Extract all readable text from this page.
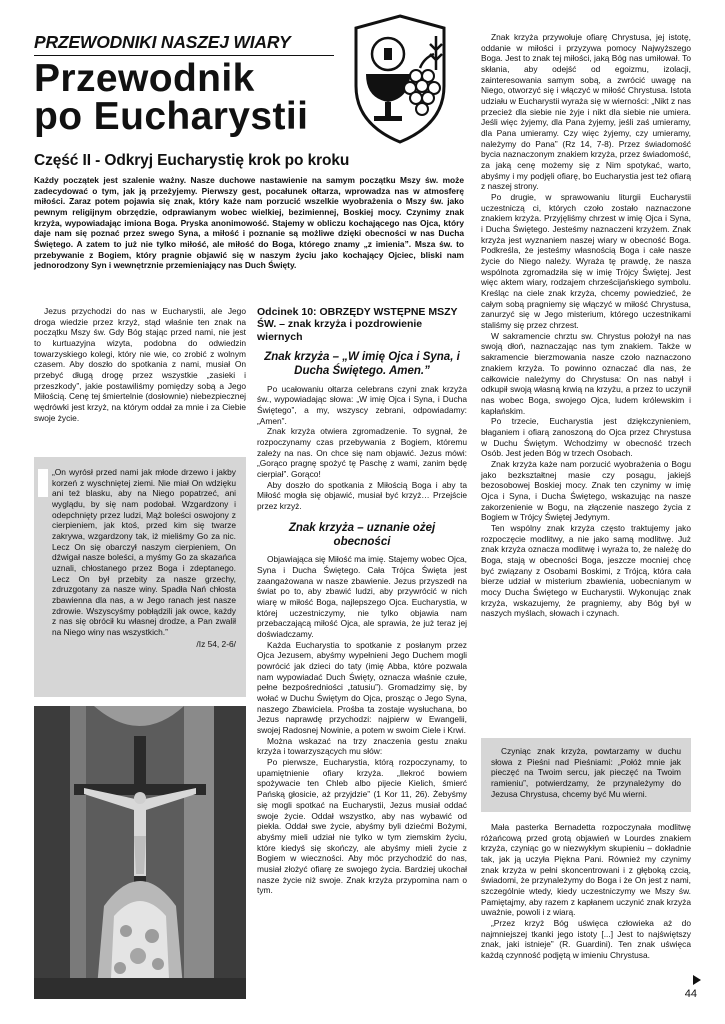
PRZEWODNIKI NASZEJ WIARY
Przewodnik
po Eucharystii
Część II - Odkryj Eucharystię krok po kroku

Każdy początek jest szalenie ważny. Nasze duchowe nastawienie na samym początku Mszy św. może zadecydować o tym, jak ją przeżyjemy. Pierwszy gest, pocałunek ołtarza, wprowadza nas w atmosferę miłości. Zaraz potem pojawia się znak, który każe nam porzucić wszelkie wyobrażenia o Mszy św. jako pewnym religijnym obrzędzie, odprawianym wobec wielkiej, bezimiennej, Boskiej mocy. Czynimy znak krzyża, wypowiadając imiona Boga. Pryska anonimowość. Stajemy w obliczu kochającego nas Ojca, który daje nam się poznać przez swego Syna, a miłość i poznanie są możliwe dzięki obecności w nas Ducha Świętego. A zatem to już nie tylko miłość, ale miłość do Boga, którego znamy „z imienia”. Msza św. to przebywanie z Bogiem, który pragnie objawić się w naszym życiu jako kochający Ojciec, bliski nam jednorodzony Syn i wewnętrznie przemieniający nas Duch Święty.

Jezus przychodzi do nas w Eucharystii, ale Jego droga wiedzie przez krzyż, stąd właśnie ten znak na początku Mszy św. Gdy Bóg stając przed nami, nie jest to kurtuazyjna wizyta, podobna do odwiedzin towarzyskiego kolegi, który nie wie, co zrobić z wolnym czasem. Aby doszło do spotkania z nami, musiał On przebyć długą drogę przez wszystkie „zasieki i przeszkody”, jakie postawiliśmy pomiędzy sobą a Jego Miłością. Cenę tej śmiertelnie (dosłownie) niebezpiecznej wędrówki jest krzyż, na którym oddał za mnie i za Ciebie swoje życie.

„On wyrósł przed nami jak młode drzewo i jakby korzeń z wyschniętej ziemi. Nie miał On wdzięku ani też blasku, aby na Niego popatrzeć, ani wyglądu, by się nam podobał. Wzgardzony i odepchnięty przez ludzi, Mąż boleści oswojony z cierpieniem, jak ktoś, przed kim się twarze zakrywa, wzgardzony tak, iż mieliśmy Go za nic. Lecz On się obarczył naszym cierpieniem, On dźwigał nasze boleści, a myśmy Go za skazańca uznali, chłostanego przez Boga i zdeptanego. Lecz On był przebity za nasze grzechy, zdruzgotany za nasze winy. Spadła Nań chłosta zbawienna dla nas, a w Jego ranach jest nasze zdrowie. Wszyscyśmy pobłądzili jak owce, każdy z nas się obrócił ku własnej drodze, a Pan zwalił na Niego winy nas wszystkich.”

/Iz 54, 2-6/
Odcinek 10: OBRZĘDY WSTĘPNE MSZY ŚW. – znak krzyża i pozdrowienie wiernych
Znak krzyża – „W imię Ojca i Syna, i Ducha Świętego. Amen.”

Po ucałowaniu ołtarza celebrans czyni znak krzyża św., wypowiadając słowa: „W imię Ojca i Syna, i Ducha Świętego”, a my, wszyscy zebrani, odpowiadamy: „Amen”.

Znak krzyża otwiera zgromadzenie. To sygnał, że rozpoczynamy czas przebywania z Bogiem, któremu zależy na nas. On chce się nam objawić. Jezus mówi: „Gorąco pragnę spożyć tę Paschę z wami, zanim będę cierpiał”. Gorąco!

Aby doszło do spotkania z Miłością Boga i aby ta Miłość mogła się objawić, musiał być krzyż… Przejście przez krzyż.

Znak krzyża – uznanie ożej obecności

Objawiająca się Miłość ma imię. Stajemy wobec Ojca, Syna i Ducha Świętego. Cała Trójca Święta jest zaangażowana w nasze zbawienie. Jezus przyszedł na świat po to, aby zbawić ludzi, aby przywrócić w nich wiarę w miłość Boga, najlepszego Ojca. Eucharystia, w której uczestniczymy, nie tylko objawia nam przebaczającą miłość Ojca, ale sprawia, że już teraz jej doświadczamy.

Każda Eucharystia to spotkanie z posłanym przez Ojca Jezusem, abyśmy wypełnieni Jego Duchem mogli powrócić jak dzieci do taty (imię Abba, które pozwala nam wypowiadać Duch Święty, oznacza właśnie czułe, pełne bezpośredniości „tatusiu”). Gromadzimy się, by wołać w Duchu Świętym do Ojca, prosząc o Jego Syna, naszego Zbawiciela. Prośba ta zostaje wysłuchana, bo Jezus naprawdę przychodzi: najpierw w Ewangelii, swojej Radosnej Nowinie, a potem w swoim Ciele i Krwi.

Można wskazać na trzy znaczenia gestu znaku krzyża i towarzyszących mu słów:

Po pierwsze, Eucharystia, którą rozpoczynamy, to upamiętnienie ofiary krzyża. „Ilekroć bowiem spożywacie ten Chleb albo pijecie Kielich, śmierć Pańską głosicie, aż przyjdzie” (1 Kor 11, 26). Żebyśmy się mogli spotkać na Eucharystii, Jezus musiał oddać swoje życie. Oddał wszystko, aby nas wybawić od piekła. Oddał swe życie, abyśmy byli dziećmi Bożymi, abyśmy mieli udział nie tylko w tym ziemskim życiu, które kiedyś się skończy, ale abyśmy mieli życie z Bogiem w wieczności. Aby móc przychodzić do nas, musiał złożyć ofiarę ze swojego życia. Bardziej ukochał nasze życie niż swoje. Znak krzyża przypomina nam o tym.

Znak krzyża przywołuje ofiarę Chrystusa, jej istotę, oddanie w miłości i przyzywa pomocy Najwyższego Boga. Jest to znak tej miłości, jaką Bóg nas umiłował. To skłania, aby odejść od egoizmu, izolacji, zainteresowania samym sobą, a zwrócić uwagę na Niego, otworzyć się i włączyć w miłość Chrystusa. Istota udziału w Eucharystii wyraża się w wierności: „Nikt z nas przecież dla siebie nie żyje i nikt dla siebie nie umiera. Jeśli więc żyjemy, dla Pana żyjemy, jeśli zaś umieramy, dla Pana umieramy. Czy więc żyjemy, czy umieramy, należymy do Pana” (Rz 14, 7-8). Przez świadomość bycia naznaczonym znakiem krzyża, przez świadomość, za jaką cenę możemy się z Nim spotykać, warto, abyśmy i my podjęli ofiarę, bo Eucharystia jest też ofiarą z naszej strony.

Po drugie, w sprawowaniu liturgii Eucharystii uczestniczą ci, których czoło zostało naznaczone znakiem krzyża. Przyjęliśmy chrzest w imię Ojca i Syna, i Ducha Świętego. Jesteśmy naznaczeni krzyżem. Znak krzyża jest wyznaniem naszej wiary w obecność Boga. Podkreśla, że jesteśmy własnością Boga i całe nasze życie do Niego należy. Wyraża tę prawdę, że nasza wspólnota zgromadziła się w imię Trójcy Świętej. Jest więc aktem wiary, rodzajem chrześcijańskiego symbolu. Kreśląc na ciele znak krzyża, chcemy powiedzieć, że całym sobą pragniemy się włączyć w miłość Chrystusa, zanurzyć się w Jego misterium, którego uczestnikami staliśmy się przez chrzest.

W sakramencie chrztu sw. Chrystus położył na nas swoją dłoń, naznaczając nas tym znakiem. Także w sakramencie bierzmowania nasze czoło naznaczono znakiem krzyża. To powinno oznaczać dla nas, że całkowicie należymy do Chrystusa: On nas nabył i odkupił swoją własną krwią na krzyżu, a przez to uczynił nas wobec Boga, swojego Ojca, ludem królewskim i kapłańskim.

Po trzecie, Eucharystia jest dziękczynieniem, błaganiem i ofiarą zanoszoną do Ojca przez Chrystusa w Duchu Świętym. Wchodzimy w obecność trzech Osób. Jest jeden Bóg w trzech Osobach.

Znak krzyża każe nam porzucić wyobrażenia o Bogu jako bezkształtnej masie czy posągu, jakiejś bezosobowej Boskiej mocy. Znak ten czynimy w imię Ojca i Syna, i Ducha Świętego, wskazując na nasze zakorzenienie w Bogu, na złączenie naszego życia z Bogiem w Trójcy Świętej Jedynym.

Ten wspólny znak krzyża często traktujemy jako rozpoczęcie modlitwy, a nie jako samą modlitwę. Już znak krzyża oznacza modlitwę i wyraża to, że należę do Boga, stają w obecności Boga, jeszcze mocniej chcę być związany z Osobami Boskimi, z Trójcą, która cała bierze udział w misterium zbawienia, uobecnianym w mocy Ducha Świętego w Eucharystii. Wykonując znak krzyża, wskazujemy, że pragniemy, aby Bóg był w naszych myślach, słowach i czynach.

Czyniąc znak krzyża, powtarzamy w duchu słowa z Pieśni nad Pieśniami: „Połóż mnie jak pieczęć na Twoim sercu, jak pieczęć na Twoim ramieniu”, potwierdzamy, że przynależymy do Jezusa Chrystusa, chcemy być Mu wierni.

Mała pasterka Bernadetta rozpoczynała modlitwę różańcową przed grotą objawień w Lourdes znakiem krzyża, czyniąc go w niezwykłym skupieniu – dokładnie tak, jak ją uczyła Piękna Pani. Również my czynimy znak krzyża w pełni skoncentrowani i z głęboką czcią, świadomi, że przynależymy do Boga i że On jest z nami, szczególnie wtedy, kiedy uczestniczymy we Mszy św. Pamiętajmy, aby razem z kapłanem uczynić znak krzyża uważnie, powoli i z wiarą.

„Przez krzyż Bóg uświęca człowieka aż do najmniejszej tkanki jego istoty [...] Jest to najświętszy znak, jaki istnieje” (R. Guardini). Ten znak uświęca każdą czynność podjętą w imieniu Chrystusa.

44
